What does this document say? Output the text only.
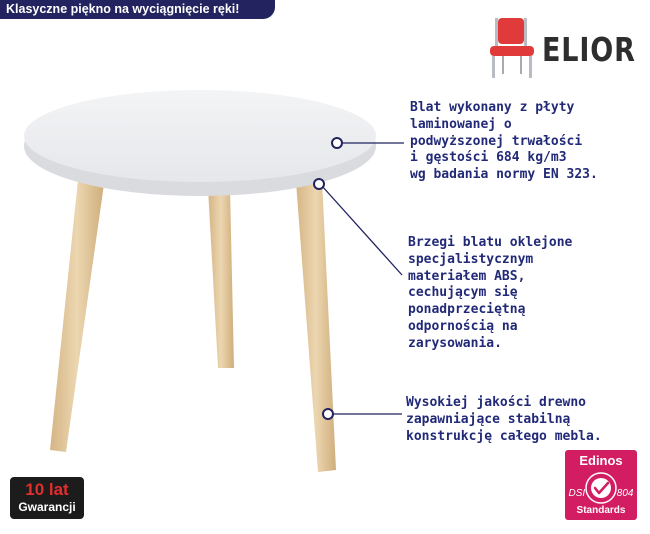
Klasyczne piękno na wyciągnięcie ręki!
ELIOR
Blat wykonany z płyty
laminowanej o
podwyższonej trwałości
i gęstości 684 kg/m3
wg badania normy EN 323.
Brzegi blatu oklejone
specjalistycznym
materiałem ABS,
cechującym się
ponadprzeciętną
odpornością na
zarysowania.
Wysokiej jakości drewno
zapawniające stabilną
konstrukcję całego mebla.
10 lat
Gwarancji
Edinos
DSI	804
Standards
